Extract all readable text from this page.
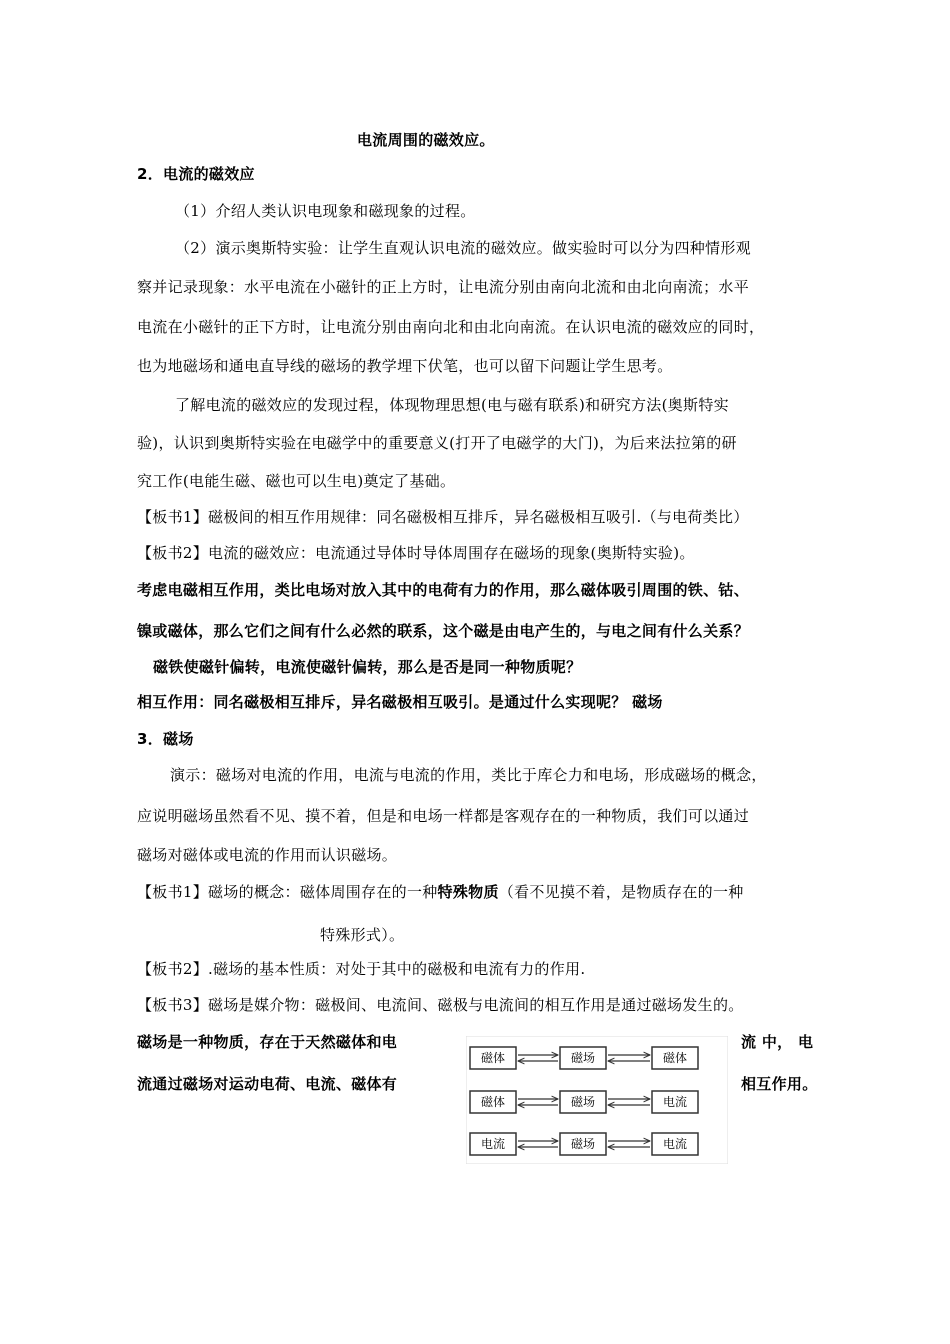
电流周围的磁效应。
2．电流的磁效应
（1）介绍人类认识电现象和磁现象的过程。
（2）演示奥斯特实验：让学生直观认识电流的磁效应。做实验时可以分为四种情形观
察并记录现象：水平电流在小磁针的正上方时，让电流分别由南向北流和由北向南流；水平
电流在小磁针的正下方时，让电流分别由南向北和由北向南流。在认识电流的磁效应的同时，
也为地磁场和通电直导线的磁场的教学埋下伏笔，也可以留下问题让学生思考。
了解电流的磁效应的发现过程，体现物理思想(电与磁有联系)和研究方法(奥斯特实
验)，认识到奥斯特实验在电磁学中的重要意义(打开了电磁学的大门)，为后来法拉第的研
究工作(电能生磁、磁也可以生电)奠定了基础。
【板书1】磁极间的相互作用规律：同名磁极相互排斥，异名磁极相互吸引.（与电荷类比）
【板书2】电流的磁效应：电流通过导体时导体周围存在磁场的现象(奥斯特实验)。
考虑电磁相互作用，类比电场对放入其中的电荷有力的作用，那么磁体吸引周围的铁、钴、
镍或磁体，那么它们之间有什么必然的联系，这个磁是由电产生的，与电之间有什么关系？
磁铁使磁针偏转，电流使磁针偏转，那么是否是同一种物质呢？
相互作用：同名磁极相互排斥，异名磁极相互吸引。是通过什么实现呢？ 磁场
3．磁场
演示：磁场对电流的作用，电流与电流的作用，类比于库仑力和电场，形成磁场的概念，
应说明磁场虽然看不见、摸不着，但是和电场一样都是客观存在的一种物质，我们可以通过
磁场对磁体或电流的作用而认识磁场。
【板书1】磁场的概念：磁体周围存在的一种特殊物质（看不见摸不着，是物质存在的一种
特殊形式）。
【板书2】.磁场的基本性质：对处于其中的磁极和电流有力的作用.
【板书3】磁场是媒介物：磁极间、电流间、磁极与电流间的相互作用是通过磁场发生的。
磁场是一种物质，存在于天然磁体和电	流 中， 电
流通过磁场对运动电荷、电流、磁体有	相互作用。
磁体	磁场	磁体
磁体	磁场	电流
电流	磁场	电流
